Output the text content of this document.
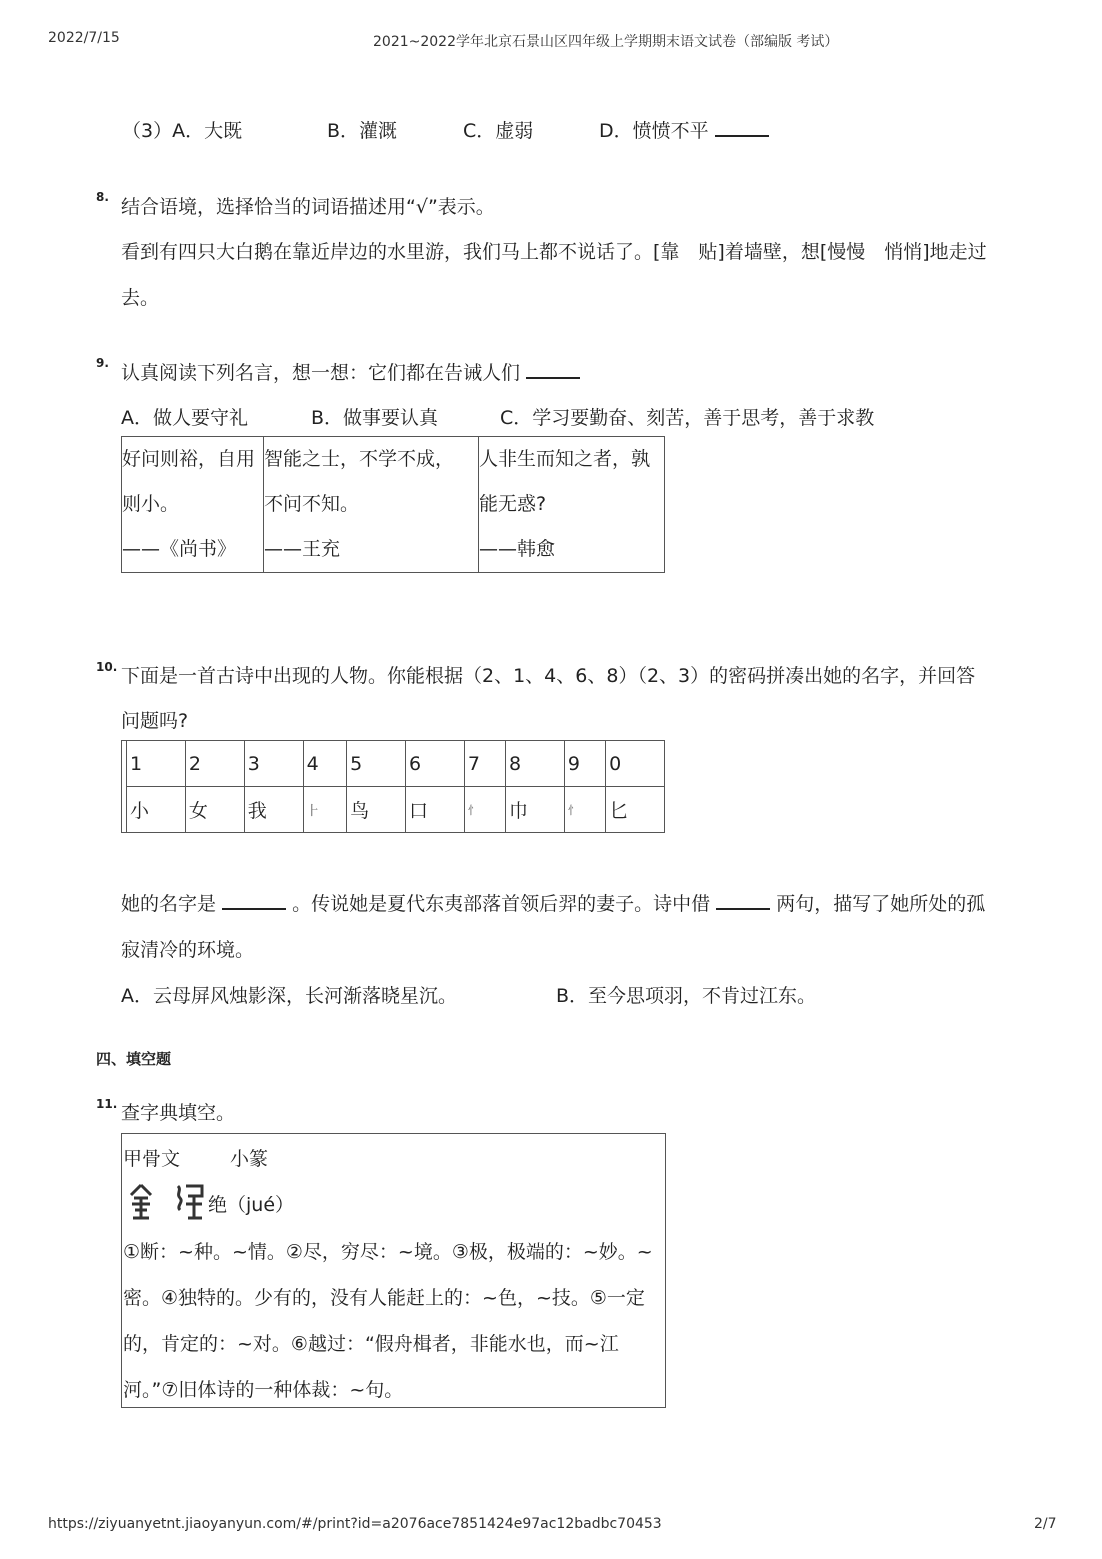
2022/7/15	2021~2022学年北京石景山区四年级上学期期末语文试卷（部编版 考试）
（3）A．大既	B．灌溉	C．虚弱	D．愤愤不平
8. 结合语境，选择恰当的词语描述用“√”表示。
看到有四只大白鹅在靠近岸边的水里游，我们马上都不说话了。[靠　贴]着墙壁，想[慢慢　悄悄]地走过
去。
9. 认真阅读下列名言，想一想：它们都在告诫人们
A．做人要守礼	B．做事要认真	C．学习要勤奋、刻苦，善于思考，善于求教
好问则裕，自用
则小。
——《尚书》

智能之士，不学不成，
不问不知。
——王充

人非生而知之者，孰
能无惑?
——韩愈
10. 下面是一首古诗中出现的人物。你能根据（2、1、4、6、8）（2、3）的密码拼凑出她的名字，并回答
问题吗?
	1	2	3	4	5	6	7	8	9	0
	小	女	我	⺊	鸟	口	忄	巾	忄	匕
她的名字是	。传说她是夏代东夷部落首领后羿的妻子。诗中借	两句，描写了她所处的孤
寂清冷的环境。
A．云母屏风烛影深，长河渐落晓星沉。	B．至今思项羽，不肯过江东。
四、填空题
11. 查字典填空。
甲骨文	小篆
绝（jué）
①断：~种。~情。②尽，穷尽：~境。③极，极端的：~妙。~
密。④独特的。少有的，没有人能赶上的：~色，~技。⑤一定
的，肯定的：~对。⑥越过：“假舟楫者，非能水也，而~江
河。”⑦旧体诗的一种体裁：~句。
https://ziyuanyetnt.jiaoyanyun.com/#/print?id=a2076ace7851424e97ac12badbc70453	2/7
